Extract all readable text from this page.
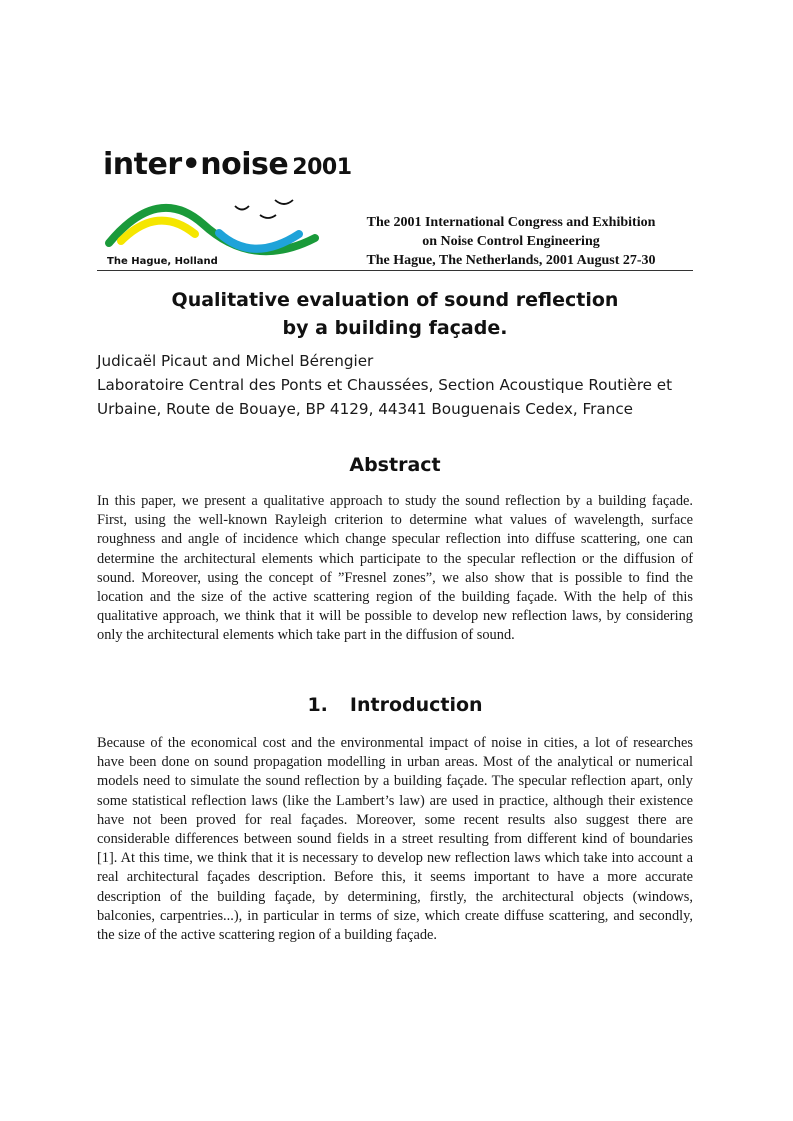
inter•noise 2001
The Hague, Holland
The 2001 International Congress and Exhibition
on Noise Control Engineering
The Hague, The Netherlands, 2001 August 27-30
Qualitative evaluation of sound reflection
by a building façade.
Judicaël Picaut and Michel Bérengier
Laboratoire Central des Ponts et Chaussées, Section Acoustique Routière et
Urbaine, Route de Bouaye, BP 4129, 44341 Bouguenais Cedex, France
Abstract

In this paper, we present a qualitative approach to study the sound reflection by a building façade. First, using the well-known Rayleigh criterion to determine what values of wavelength, surface roughness and angle of incidence which change specular reflection into diffuse scattering, one can determine the architectural elements which participate to the specular reflection or the diffusion of sound. Moreover, using the concept of ”Fresnel zones”, we also show that is possible to find the location and the size of the active scattering region of the building façade. With the help of this qualitative approach, we think that it will be possible to develop new reflection laws, by considering only the architectural elements which take part in the diffusion of sound.

1. Introduction

Because of the economical cost and the environmental impact of noise in cities, a lot of researches have been done on sound propagation modelling in urban areas. Most of the analytical or numerical models need to simulate the sound reflection by a building façade. The specular reflection apart, only some statistical reflection laws (like the Lambert’s law) are used in practice, although their existence have not been proved for real façades. Moreover, some recent results also suggest there are considerable differences between sound fields in a street resulting from different kind of boundaries [1]. At this time, we think that it is necessary to develop new reflection laws which take into account a real architectural façades description. Before this, it seems important to have a more accurate description of the building façade, by determining, firstly, the architectural objects (windows, balconies, carpentries...), in particular in terms of size, which create diffuse scattering, and secondly, the size of the active scattering region of a building façade.
